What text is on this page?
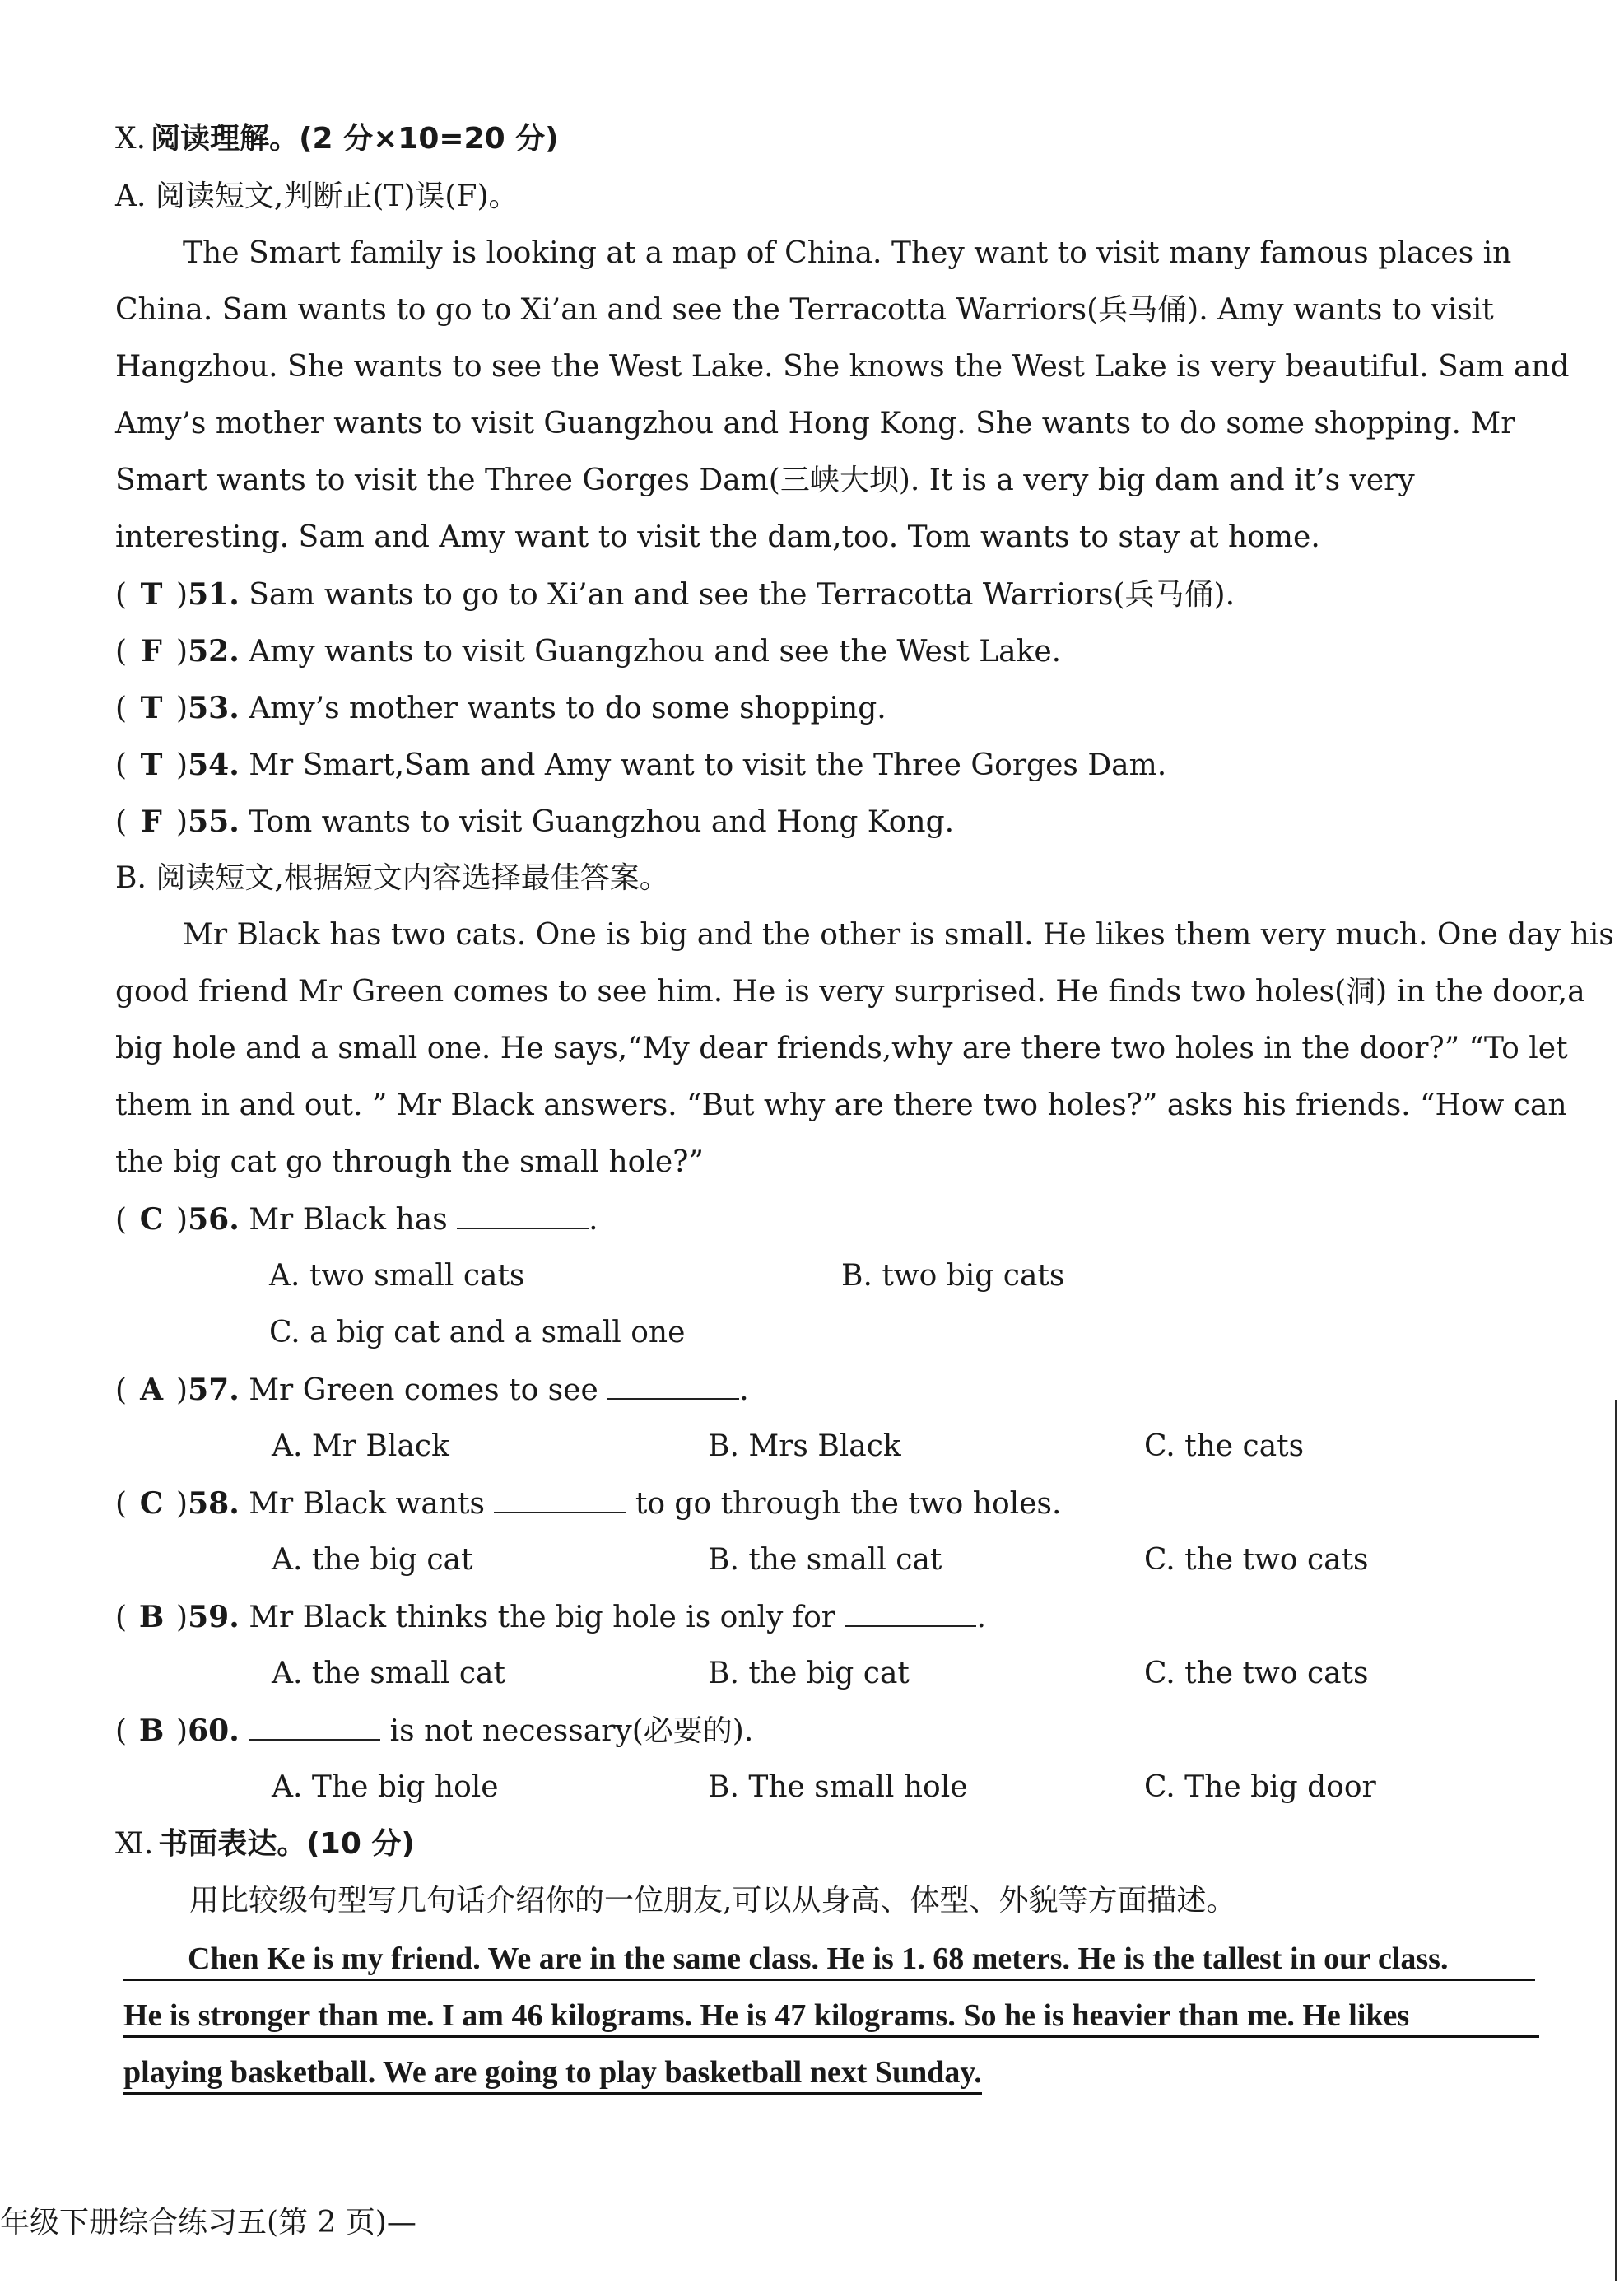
Ⅹ. 阅读理解。(2 分×10=20 分)
A. 阅读短文,判断正(T)误(F)。
The Smart family is looking at a map of China. They want to visit many famous places in
China. Sam wants to go to Xi’an and see the Terracotta Warriors(兵马俑). Amy wants to visit
Hangzhou. She wants to see the West Lake. She knows the West Lake is very beautiful. Sam and
Amy’s mother wants to visit Guangzhou and Hong Kong. She wants to do some shopping. Mr
Smart wants to visit the Three Gorges Dam(三峡大坝). It is a very big dam and it’s very
interesting. Sam and Amy want to visit the dam,too. Tom wants to stay at home.
( T )51. Sam wants to go to Xi’an and see the Terracotta Warriors(兵马俑).
( F )52. Amy wants to visit Guangzhou and see the West Lake.
( T )53. Amy’s mother wants to do some shopping.
( T )54. Mr Smart,Sam and Amy want to visit the Three Gorges Dam.
( F )55. Tom wants to visit Guangzhou and Hong Kong.
B. 阅读短文,根据短文内容选择最佳答案。
Mr Black has two cats. One is big and the other is small. He likes them very much. One day his
good friend Mr Green comes to see him. He is very surprised. He finds two holes(洞) in the door,a
big hole and a small one. He says,“My dear friends,why are there two holes in the door?” “To let
them in and out. ” Mr Black answers. “But why are there two holes?” asks his friends. “How can
the big cat go through the small hole?”
( C )56. Mr Black has	.
A. two small cats	B. two big cats
C. a big cat and a small one
( A )57. Mr Green comes to see	.
A. Mr Black	B. Mrs Black	C. the cats
( C )58. Mr Black wants	to go through the two holes.
A. the big cat	B. the small cat	C. the two cats
( B )59. Mr Black thinks the big hole is only for	.
A. the small cat	B. the big cat	C. the two cats
( B )60.	is not necessary(必要的).
A. The big hole	B. The small hole	C. The big door
Ⅺ. 书面表达。(10 分)
用比较级句型写几句话介绍你的一位朋友,可以从身高、体型、外貌等方面描述。
Chen Ke is my friend. We are in the same class. He is 1. 68 meters. He is the tallest in our class.
He is stronger than me. I am 46 kilograms. He is 47 kilograms. So he is heavier than me. He likes
playing basketball. We are going to play basketball next Sunday.
年级下册综合练习五(第 2 页)—
